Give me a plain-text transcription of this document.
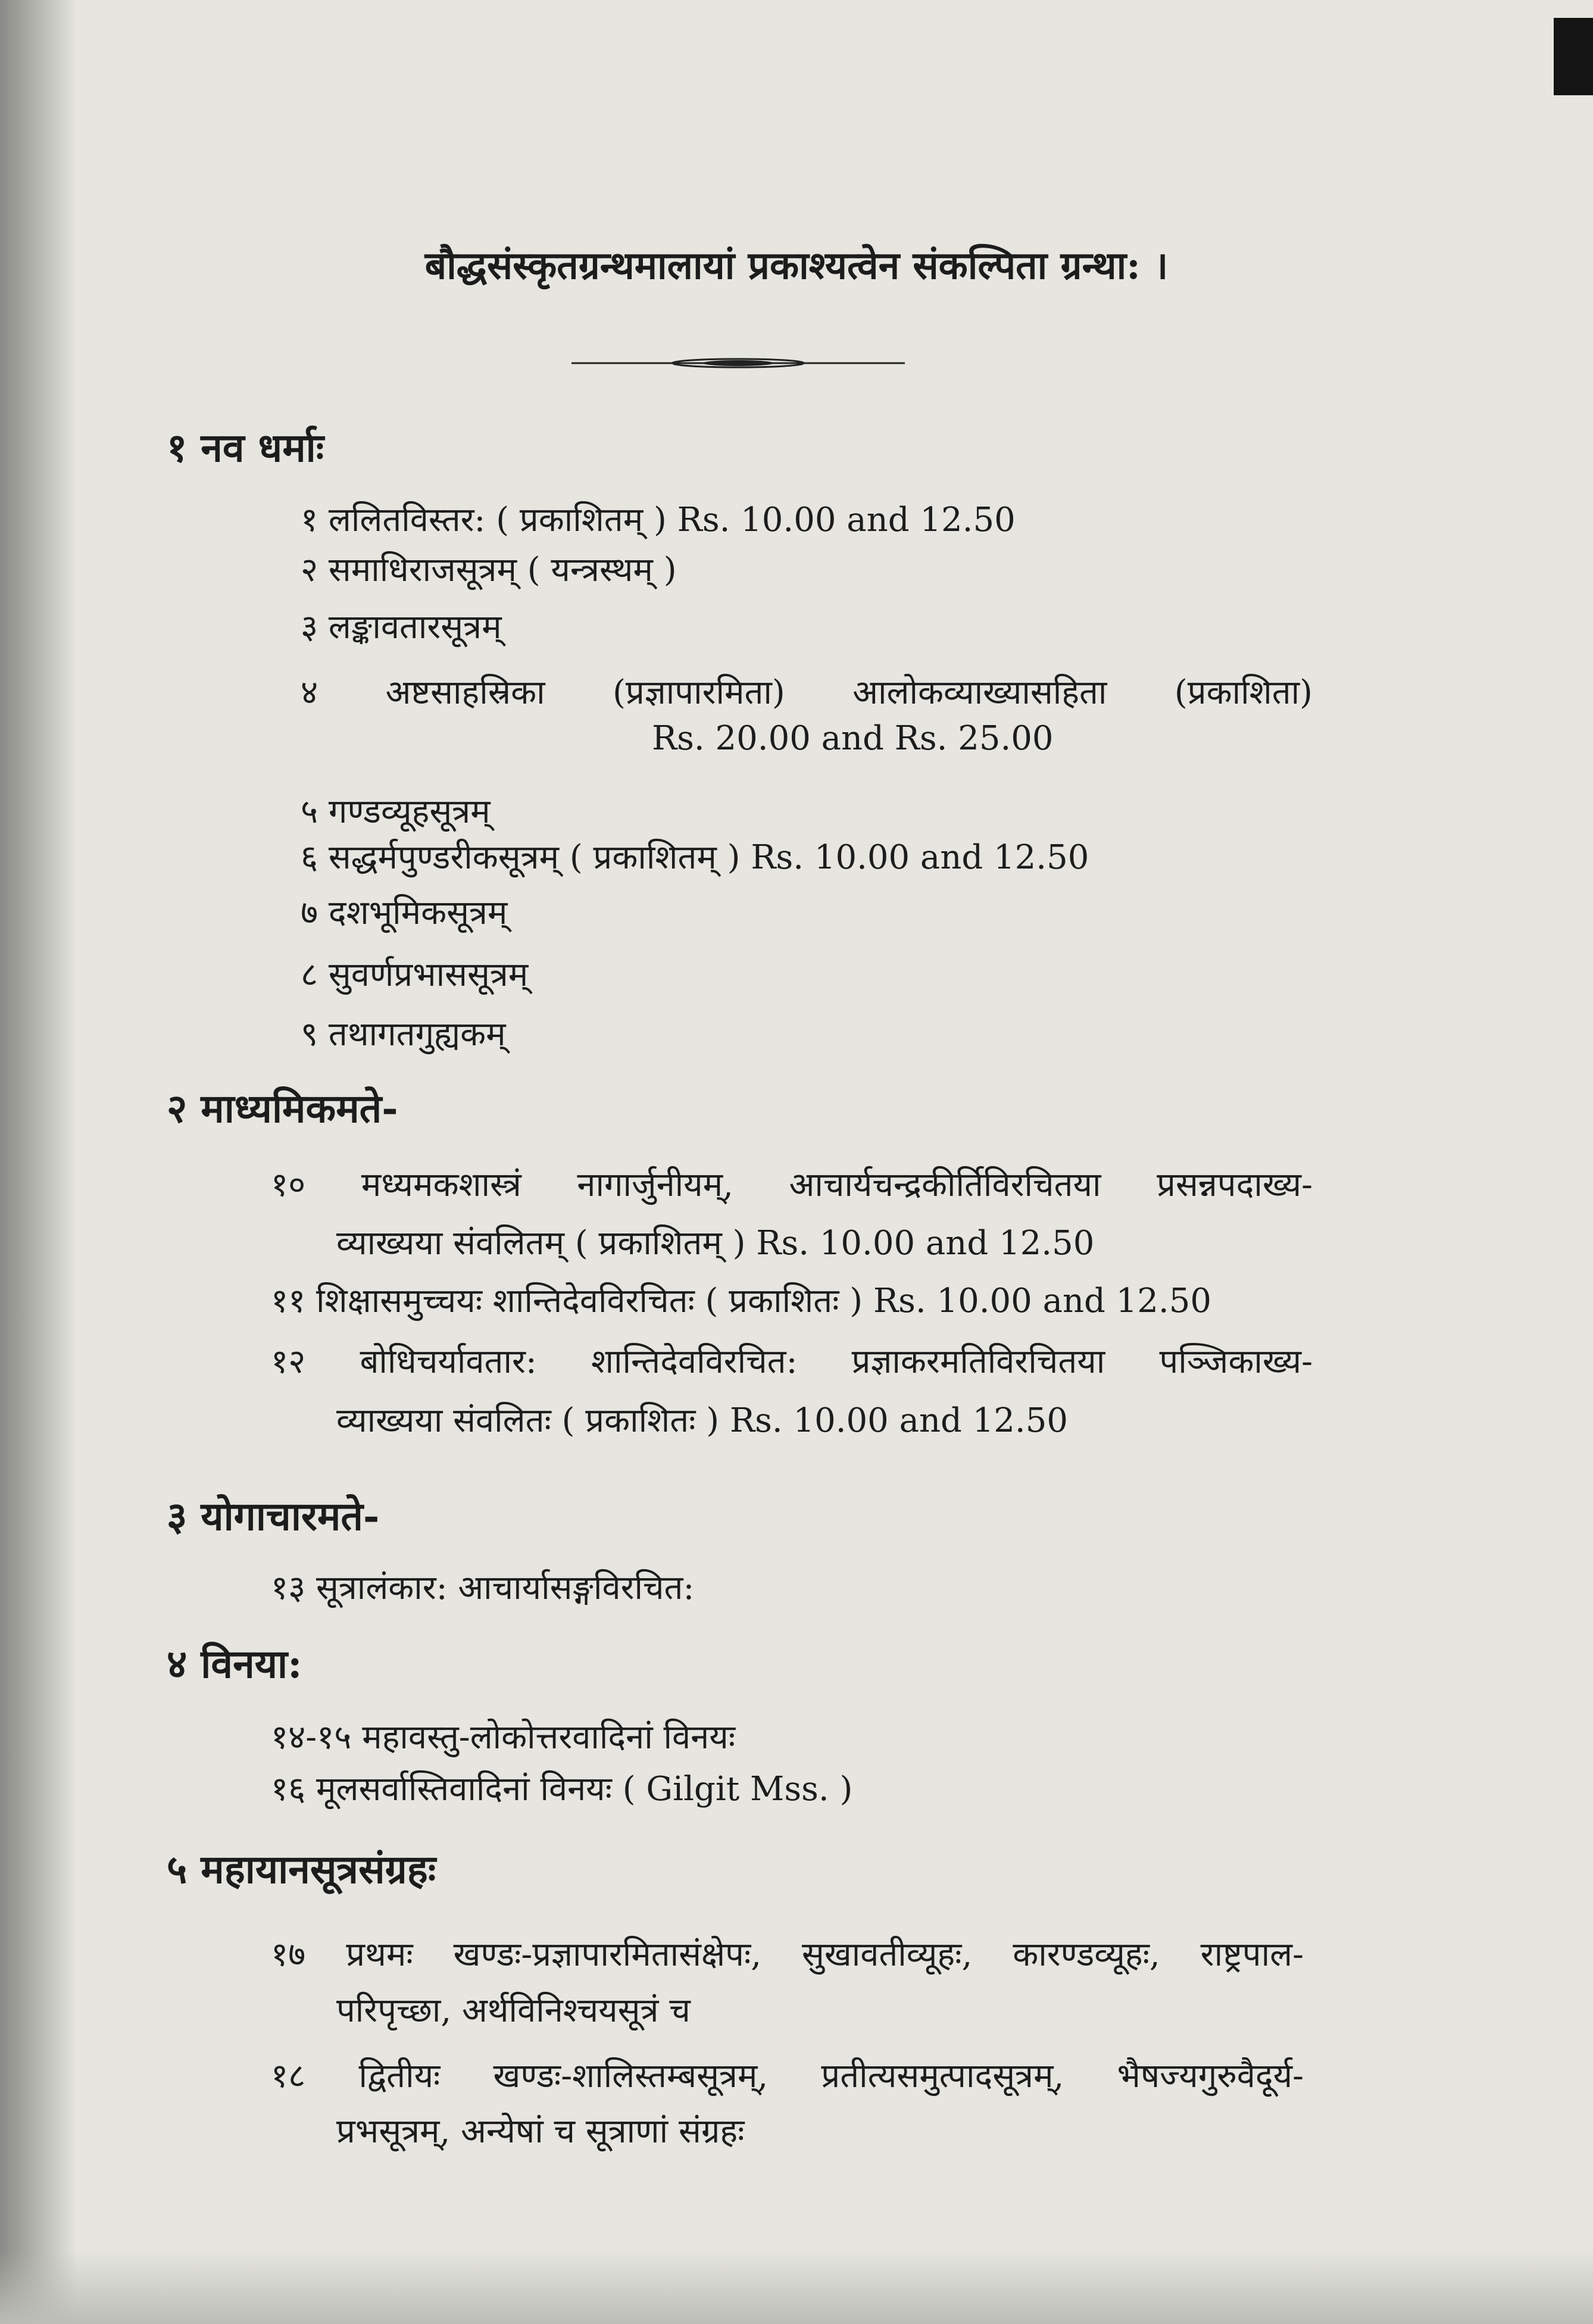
बौद्धसंस्कृतग्रन्थमालायां प्रकाश्यत्वेन संकल्पिता ग्रन्था: ।
१ नव धर्माः
१ ललितविस्तर: ( प्रकाशितम् ) Rs. 10.00 and 12.50
२ समाधिराजसूत्रम् ( यन्त्रस्थम् )
३ लङ्कावतारसूत्रम्
४ अष्टसाहस्रिका (प्रज्ञापारमिता) आलोकव्याख्यासहिता (प्रकाशिता)
Rs. 20.00 and Rs. 25.00
५ गण्डव्यूहसूत्रम्
६ सद्धर्मपुण्डरीकसूत्रम् ( प्रकाशितम् ) Rs. 10.00 and 12.50
७ दशभूमिकसूत्रम्
८ सुवर्णप्रभाससूत्रम्
९ तथागतगुह्यकम्
२ माध्यमिकमते-
१० मध्यमकशास्त्रं नागार्जुनीयम्, आचार्यचन्द्रकीर्तिविरचितया प्रसन्नपदाख्य-
व्याख्यया संवलितम् ( प्रकाशितम् ) Rs. 10.00 and 12.50
११ शिक्षासमुच्चयः शान्तिदेवविरचितः ( प्रकाशितः ) Rs. 10.00 and 12.50
१२ बोधिचर्यावतार: शान्तिदेवविरचित: प्रज्ञाकरमतिविरचितया पञ्जिकाख्य-
व्याख्यया संवलितः ( प्रकाशितः ) Rs. 10.00 and 12.50
३ योगाचारमते-
१३ सूत्रालंकार: आचार्यासङ्गविरचित:
४ विनया:
१४-१५ महावस्तु-लोकोत्तरवादिनां विनयः
१६ मूलसर्वास्तिवादिनां विनयः ( Gilgit Mss. )
५ महायानसूत्रसंग्रहः
१७ प्रथमः खण्डः-प्रज्ञापारमितासंक्षेपः, सुखावतीव्यूहः, कारण्डव्यूहः, राष्ट्रपाल-
परिपृच्छा, अर्थविनिश्चयसूत्रं च
१८ द्वितीयः खण्डः-शालिस्तम्बसूत्रम्, प्रतीत्यसमुत्पादसूत्रम्, भैषज्यगुरुवैदूर्य-
प्रभसूत्रम्, अन्येषां च सूत्राणां संग्रहः
